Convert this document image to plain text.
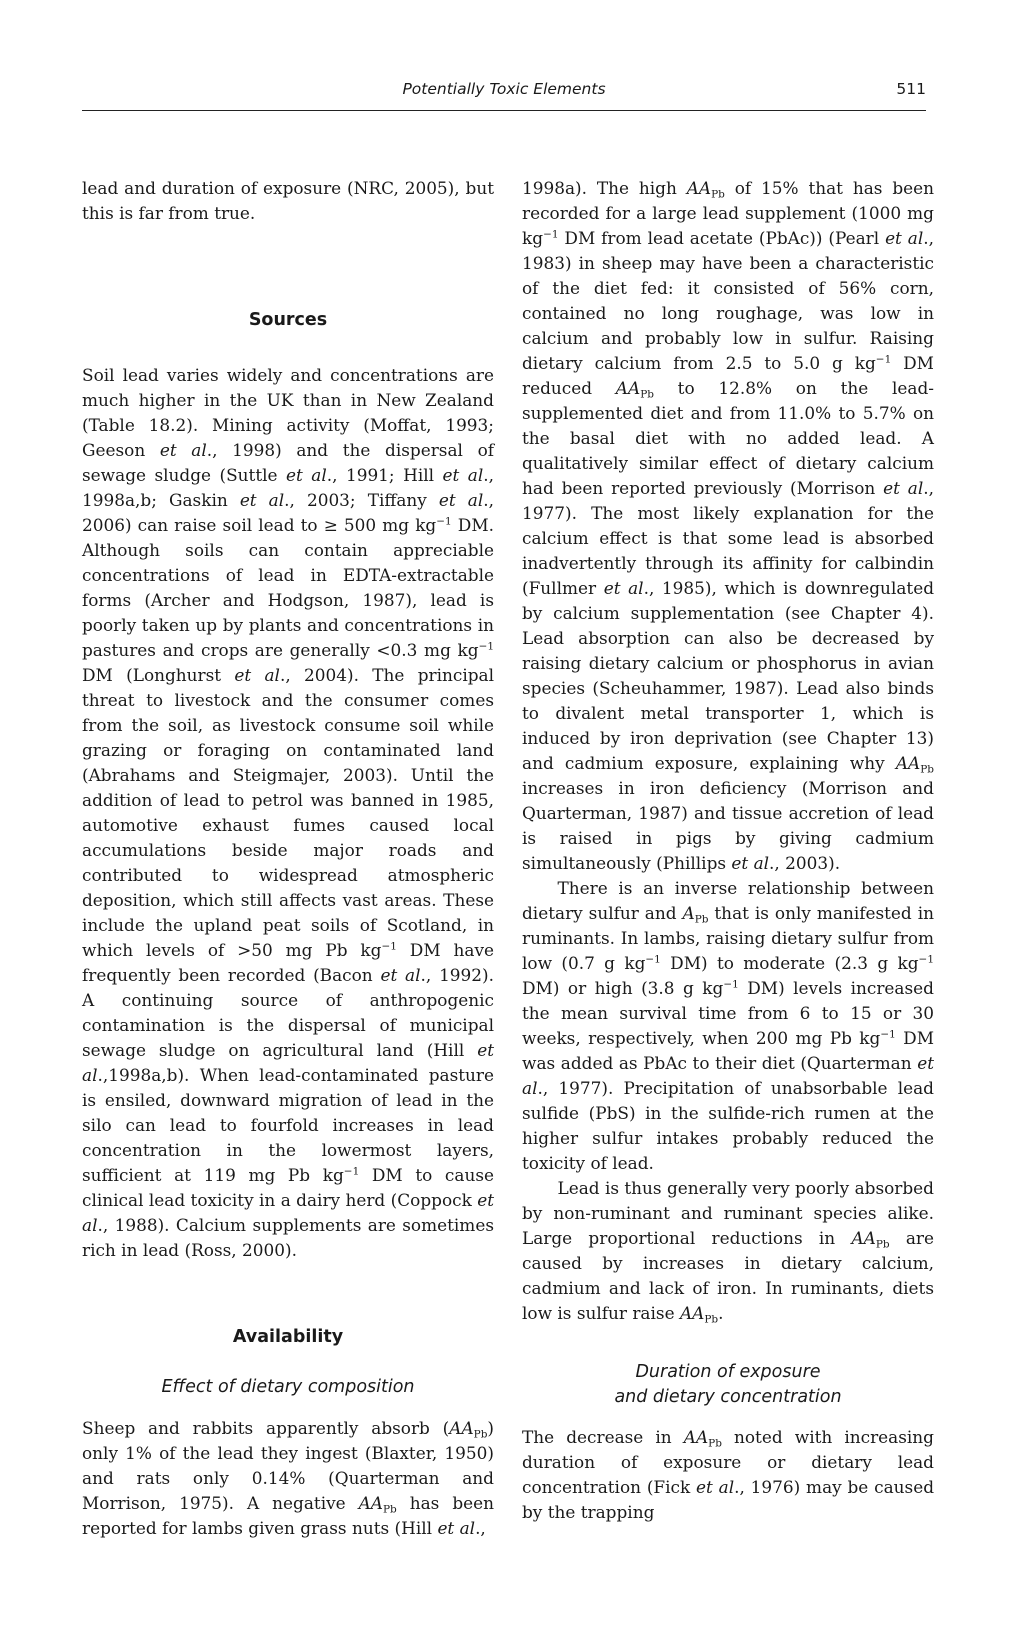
Potentially Toxic Elements	511

lead and duration of exposure (NRC, 2005), but this is far from true.

Sources

Soil lead varies widely and concentrations are much higher in the UK than in New Zealand (Table 18.2). Mining activity (Moffat, 1993; Geeson et al., 1998) and the dispersal of sewage sludge (Suttle et al., 1991; Hill et al., 1998a,b; Gaskin et al., 2003; Tiffany et al., 2006) can raise soil lead to ≥ 500 mg $kg^{-1}$ DM. Although soils can contain appreciable concentrations of lead in EDTA-extractable forms (Archer and Hodgson, 1987), lead is poorly taken up by plants and concentrations in pastures and crops are generally <0.3 mg $kg^{-1}$ DM (Longhurst et al., 2004). The principal threat to livestock and the consumer comes from the soil, as livestock consume soil while grazing or foraging on contaminated land (Abrahams and Steigmajer, 2003). Until the addition of lead to petrol was banned in 1985, automotive exhaust fumes caused local accumulations beside major roads and contributed to widespread atmospheric deposition, which still affects vast areas. These include the upland peat soils of Scotland, in which levels of >50 mg Pb $kg^{-1}$ DM have frequently been recorded (Bacon et al., 1992). A continuing source of anthropogenic contamination is the dispersal of municipal sewage sludge on agricultural land (Hill et al.,1998a,b). When lead-contaminated pasture is ensiled, downward migration of lead in the silo can lead to fourfold increases in lead concentration in the lowermost layers, sufficient at 119 mg Pb $kg^{-1}$ DM to cause clinical lead toxicity in a dairy herd (Coppock et al., 1988). Calcium supplements are sometimes rich in lead (Ross, 2000).

Availability
Effect of dietary composition

Sheep and rabbits apparently absorb $(AA_{Pb})$ only 1% of the lead they ingest (Blaxter, 1950) and rats only 0.14% (Quarterman and Morrison, 1975). A negative $AA_{Pb}$ has been reported for lambs given grass nuts (Hill et al.,

1998a). The high $AA_{Pb}$ of 15% that has been recorded for a large lead supplement (1000 mg $kg^{-1}$ DM from lead acetate (PbAc)) (Pearl et al., 1983) in sheep may have been a characteristic of the diet fed: it consisted of 56% corn, contained no long roughage, was low in calcium and probably low in sulfur. Raising dietary calcium from 2.5 to 5.0 g $kg^{-1}$ DM reduced $AA_{Pb}$ to 12.8% on the lead-supplemented diet and from 11.0% to 5.7% on the basal diet with no added lead. A qualitatively similar effect of dietary calcium had been reported previously (Morrison et al., 1977). The most likely explanation for the calcium effect is that some lead is absorbed inadvertently through its affinity for calbindin (Fullmer et al., 1985), which is downregulated by calcium supplementation (see Chapter 4). Lead absorption can also be decreased by raising dietary calcium or phosphorus in avian species (Scheuhammer, 1987). Lead also binds to divalent metal transporter 1, which is induced by iron deprivation (see Chapter 13) and cadmium exposure, explaining why $AA_{Pb}$ increases in iron deficiency (Morrison and Quarterman, 1987) and tissue accretion of lead is raised in pigs by giving cadmium simultaneously (Phillips et al., 2003).

There is an inverse relationship between dietary sulfur and $A_{Pb}$ that is only manifested in ruminants. In lambs, raising dietary sulfur from low (0.7 g $kg^{-1}$ DM) to moderate (2.3 g $kg^{-1}$ DM) or high (3.8 g $kg^{-1}$ DM) levels increased the mean survival time from 6 to 15 or 30 weeks, respectively, when 200 mg Pb $kg^{-1}$ DM was added as PbAc to their diet (Quarterman et al., 1977). Precipitation of unabsorbable lead sulfide (PbS) in the sulfide-rich rumen at the higher sulfur intakes probably reduced the toxicity of lead.

Lead is thus generally very poorly absorbed by non-ruminant and ruminant species alike. Large proportional reductions in $AA_{Pb}$ are caused by increases in dietary calcium, cadmium and lack of iron. In ruminants, diets low is sulfur raise $AA_{Pb}$.

Duration of exposure
and dietary concentration

The decrease in $AA_{Pb}$ noted with increasing duration of exposure or dietary lead concentration (Fick et al., 1976) may be caused by the trapping
